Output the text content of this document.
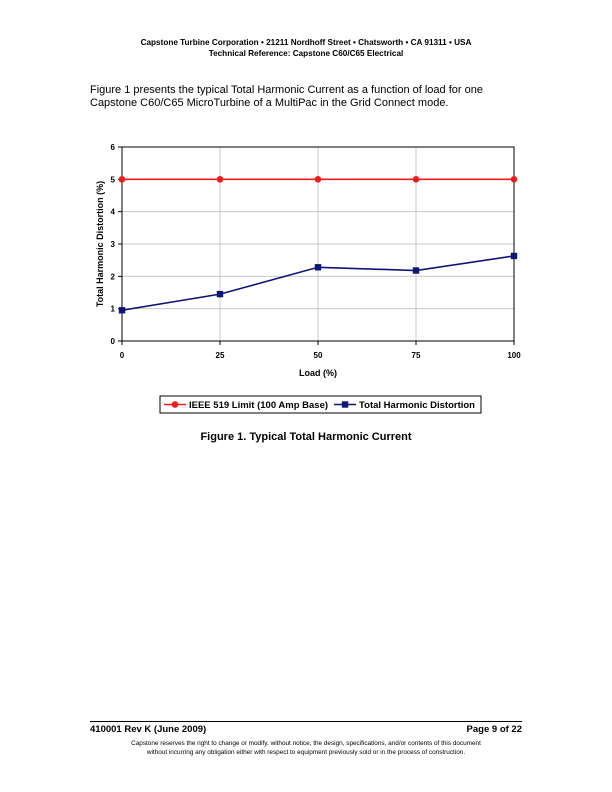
Capstone Turbine Corporation • 21211 Nordhoff Street • Chatsworth • CA 91311 • USA
Technical Reference: Capstone C60/C65 Electrical
Figure 1 presents the typical Total Harmonic Current as a function of load for one Capstone C60/C65 MicroTurbine of a MultiPac in the Grid Connect mode.
0
1
2
3
4
5
6
0	25	50	75	100
Load (%)
Total Harmonic Distortion (%)
IEEE 519 Limit (100 Amp Base)	Total Harmonic Distortion
Figure 1. Typical Total Harmonic Current
410001 Rev K (June 2009)	Page 9 of 22
Capstone reserves the right to change or modify, without notice, the design, specifications, and/or contents of this document
without incurring any obligation either with respect to equipment previously sold or in the process of construction.
